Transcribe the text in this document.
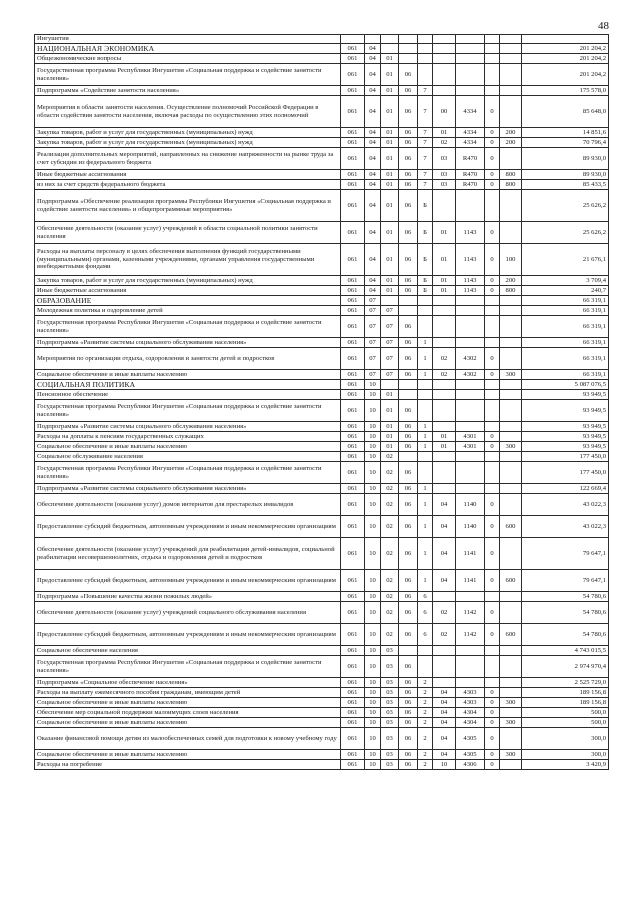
48
Ингушетия										
НАЦИОНАЛЬНАЯ ЭКОНОМИКА	061	04								201 204,2
Общеэкономические вопросы	061	04	01							201 204,2
Государственная программа Республики Ингушетия «Социальная поддержка и содействие занятости населения»	061	04	01	06						201 204,2
Подпрограмма «Содействие занятости населения»	061	04	01	06	7					175 578,0
Мероприятия в области занятости населения. Осуществление полномочий Российской Федерации в области содействия занятости населения, включая расходы по осуществлению этих полномочий	061	04	01	06	7	00	4334	0		85 648,0
Закупка товаров, работ и услуг для государственных (муниципальных) нужд	061	04	01	06	7	01	4334	0	200	14 851,6
Закупка товаров, работ и услуг для государственных (муниципальных) нужд	061	04	01	06	7	02	4334	0	200	70 796,4
Реализация дополнительных мероприятий, направленных на снижение напряженности на рынке труда за счет субсидии из федерального бюджета	061	04	01	06	7	03	R470	0		89 930,0
Иные бюджетные ассигнования	061	04	01	06	7	03	R470	0	800	89 930,0
из них за счет средств федерального бюджета	061	04	01	06	7	03	R470	0	800	85 433,5
Подпрограмма «Обеспечение реализации программы Республики Ингушетия «Социальная поддержка и содействие занятости населения» и общепрограммные мероприятия»	061	04	01	06	Б					25 626,2
Обеспечение деятельности (оказание услуг) учреждений в области социальной политики занятости населения	061	04	01	06	Б	01	1143	0		25 626,2
Расходы на выплаты персоналу в целях обеспечения выполнения функций государственными (муниципальными) органами, казенными учреждениями, органами управления государственными внебюджетными фондами	061	04	01	06	Б	01	1143	0	100	21 676,1
Закупка товаров, работ и услуг для государственных (муниципальных) нужд	061	04	01	06	Б	01	1143	0	200	3 709,4
Иные бюджетные ассигнования	061	04	01	06	Б	01	1143	0	800	240,7
ОБРАЗОВАНИЕ	061	07								66 319,1
Молодежная политика и оздоровление детей	061	07	07							66 319,1
Государственная программа Республики Ингушетия «Социальная поддержка и содействие занятости населения»	061	07	07	06						66 319,1
Подпрограмма «Развитие системы социального обслуживания населения»	061	07	07	06	1					66 319,1
Мероприятия по организации отдыха, оздоровления и занятости детей и подростков	061	07	07	06	1	02	4302	0		66 319,1
Социальное обеспечение и иные выплаты населению	061	07	07	06	1	02	4302	0	300	66 319,1
СОЦИАЛЬНАЯ ПОЛИТИКА	061	10								5 087 076,5
Пенсионное обеспечение	061	10	01							93 949,5
Государственная программа Республики Ингушетия «Социальная поддержка и содействие занятости населения»	061	10	01	06						93 949,5
Подпрограмма «Развитие системы социального обслуживания населения»	061	10	01	06	1					93 949,5
Расходы на доплаты к пенсиям государственных служащих	061	10	01	06	1	01	4301	0		93 949,5
Социальное обеспечение и иные выплаты населению	061	10	01	06	1	01	4301	0	300	93 949,5
Социальное обслуживание населения	061	10	02							177 450,0
Государственная программа Республики Ингушетия «Социальная поддержка и содействие занятости населения»	061	10	02	06						177 450,0
Подпрограмма «Развитие системы социального обслуживания населения»	061	10	02	06	1					122 669,4
Обеспечение деятельности (оказания услуг) домов интернатов для престарелых инвалидов	061	10	02	06	1	04	1140	0		43 022,3
Предоставление субсидий бюджетным, автономным учреждениям и иным некоммерческим организациям	061	10	02	06	1	04	1140	0	600	43 022,3
Обеспечение деятельности (оказание услуг) учреждений для реабилитации детей-инвалидов, социальной реабилитации несовершеннолетних, отдыха и оздоровления детей и подростков	061	10	02	06	1	04	1141	0		79 647,1
Предоставление субсидий бюджетным, автономным учреждениям и иным некоммерческим организациям	061	10	02	06	1	04	1141	0	600	79 647,1
Подпрограмма «Повышение качества жизни пожилых людей»	061	10	02	06	6					54 780,6
Обеспечение деятельности (оказание услуг) учреждений социального обслуживания населения	061	10	02	06	6	02	1142	0		54 780,6
Предоставление субсидий бюджетным, автономным учреждениям и иным некоммерческим организациям	061	10	02	06	6	02	1142	0	600	54 780,6
Социальное обеспечение населения	061	10	03							4 743 015,5
Государственная программа Республики Ингушетия «Социальная поддержка и содействие занятости населения»	061	10	03	06						2 974 970,4
Подпрограмма «Социальное обеспечение населения»	061	10	03	06	2					2 525 729,0
Расходы на выплату ежемесячного пособия гражданам, имеющим детей	061	10	03	06	2	04	4303	0		189 156,8
Социальное обеспечение и иные выплаты населению	061	10	03	06	2	04	4303	0	300	189 156,8
Обеспечение мер социальной поддержки малоимущих слоев населения	061	10	03	06	2	04	4304	0		500,0
Социальное обеспечение и иные выплаты населению	061	10	03	06	2	04	4304	0	300	500,0
Оказание финансовой помощи детям из малообеспеченных семей для подготовки к новому учебному году	061	10	03	06	2	04	4305	0		300,0
Социальное обеспечение и иные выплаты населению	061	10	03	06	2	04	4305	0	300	300,0
Расходы на погребение	061	10	03	06	2	10	4306	0		3 420,9
